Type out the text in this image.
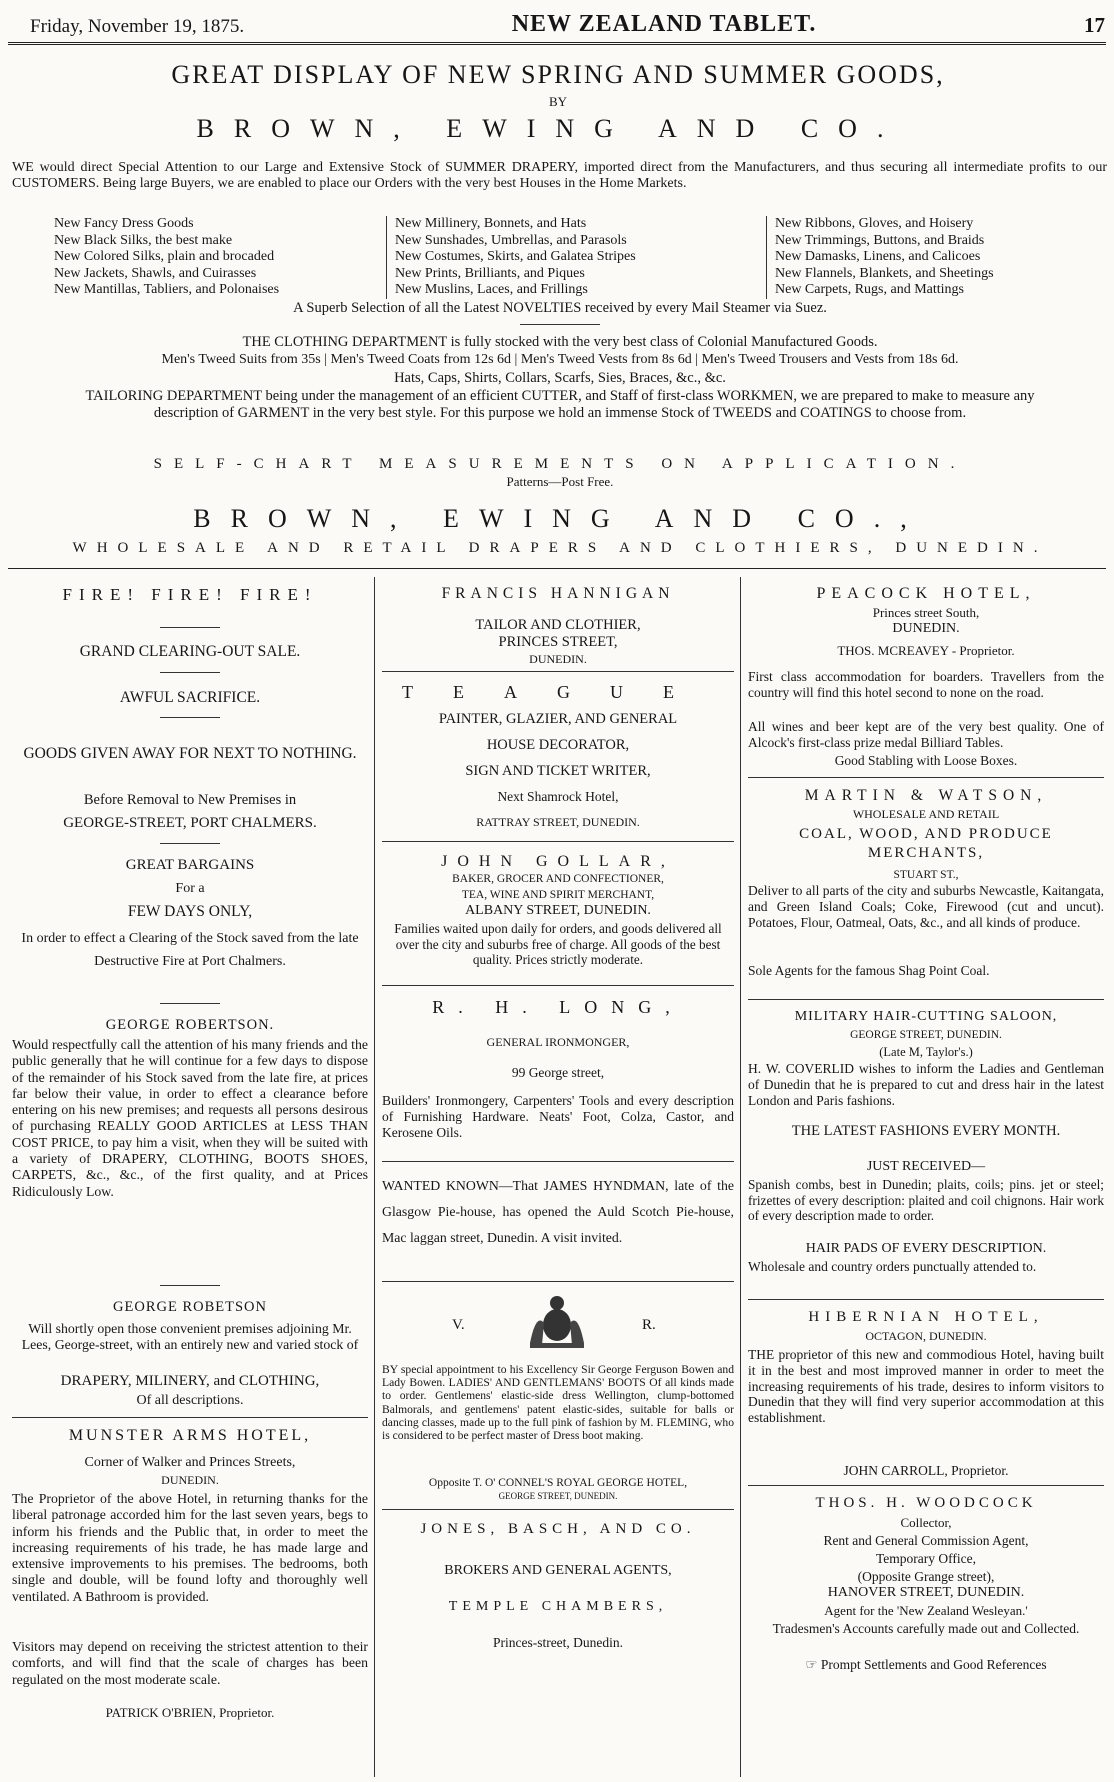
Friday, November 19, 1875.	NEW ZEALAND TABLET.	17
GREAT DISPLAY OF NEW SPRING AND SUMMER GOODS,
BY
BROWN, EWING AND CO.
WE would direct Special Attention to our Large and Extensive Stock of SUMMER DRAPERY, imported direct from the Manufacturers, and thus securing all intermediate profits to our CUSTOMERS. Being large Buyers, we are enabled to place our Orders with the very best Houses in the Home Markets.
New Fancy Dress Goods
New Black Silks, the best make
New Colored Silks, plain and brocaded
New Jackets, Shawls, and Cuirasses
New Mantillas, Tabliers, and Polonaises
New Millinery, Bonnets, and Hats
New Sunshades, Umbrellas, and Parasols
New Costumes, Skirts, and Galatea Stripes
New Prints, Brilliants, and Piques
New Muslins, Laces, and Frillings
New Ribbons, Gloves, and Hoisery
New Trimmings, Buttons, and Braids
New Damasks, Linens, and Calicoes
New Flannels, Blankets, and Sheetings
New Carpets, Rugs, and Mattings
A Superb Selection of all the Latest NOVELTIES received by every Mail Steamer via Suez.
THE CLOTHING DEPARTMENT is fully stocked with the very best class of Colonial Manufactured Goods.
Men's Tweed Suits from 35s | Men's Tweed Coats from 12s 6d | Men's Tweed Vests from 8s 6d | Men's Tweed Trousers and Vests from 18s 6d.
Hats, Caps, Shirts, Collars, Scarfs, Sies, Braces, &c., &c.
TAILORING DEPARTMENT being under the management of an efficient CUTTER, and Staff of first-class WORKMEN, we are prepared to make to measure any description of GARMENT in the very best style. For this purpose we hold an immense Stock of TWEEDS and COATINGS to choose from.
SELF-CHART MEASUREMENTS ON APPLICATION.
Patterns—Post Free.
BROWN, EWING AND CO.,
WHOLESALE AND RETAIL DRAPERS AND CLOTHIERS, DUNEDIN.
FIRE! FIRE! FIRE!
GRAND CLEARING-OUT SALE.
AWFUL SACRIFICE.
GOODS GIVEN AWAY FOR NEXT TO NOTHING.
Before Removal to New Premises in
GEORGE-STREET, PORT CHALMERS.
GREAT BARGAINS
For a
FEW DAYS ONLY,
In order to effect a Clearing of the Stock saved from the late Destructive Fire at Port Chalmers.
GEORGE ROBERTSON.
Would respectfully call the attention of his many friends and the public generally that he will continue for a few days to dispose of the remainder of his Stock saved from the late fire, at prices far below their value, in order to effect a clearance before entering on his new premises; and requests all persons desirous of purchasing REALLY GOOD ARTICLES at LESS THAN COST PRICE, to pay him a visit, when they will be suited with a variety of DRAPERY, CLOTHING, BOOTS SHOES, CARPETS, &c., &c., of the first quality, and at Prices Ridiculously Low.
GEORGE ROBETSON
Will shortly open those convenient premises adjoining Mr. Lees, George-street, with an entirely new and varied stock of
DRAPERY, MILINERY, and CLOTHING,
Of all descriptions.
MUNSTER ARMS HOTEL,
Corner of Walker and Princes Streets,
DUNEDIN.
The Proprietor of the above Hotel, in returning thanks for the liberal patronage accorded him for the last seven years, begs to inform his friends and the Public that, in order to meet the increasing requirements of his trade, he has made large and extensive improvements to his premises. The bedrooms, both single and double, will be found lofty and thoroughly well ventilated. A Bathroom is provided.
Visitors may depend on receiving the strictest attention to their comforts, and will find that the scale of charges has been regulated on the most moderate scale.
PATRICK O'BRIEN, Proprietor.
FRANCIS HANNIGAN
TAILOR AND CLOTHIER,
PRINCES STREET,
DUNEDIN.
TEAGUE
PAINTER, GLAZIER, AND GENERAL
HOUSE DECORATOR,
SIGN AND TICKET WRITER,
Next Shamrock Hotel,
RATTRAY STREET, DUNEDIN.
JOHN GOLLAR,
BAKER, GROCER AND CONFECTIONER,
TEA, WINE AND SPIRIT MERCHANT,
ALBANY STREET, DUNEDIN.
Families waited upon daily for orders, and goods delivered all over the city and suburbs free of charge. All goods of the best quality. Prices strictly moderate.
R. H. LONG,
GENERAL IRONMONGER,
99 George street,
Builders' Ironmongery, Carpenters' Tools and every description of Furnishing Hardware. Neats' Foot, Colza, Castor, and Kerosene Oils.
WANTED KNOWN—That JAMES HYNDMAN, late of the Glasgow Pie-house, has opened the Auld Scotch Pie-house, Mac laggan street, Dunedin. A visit invited.
V.	R.
BY special appointment to his Excellency Sir George Ferguson Bowen and Lady Bowen. LADIES' AND GENTLEMANS' BOOTS Of all kinds made to order. Gentlemens' elastic-side dress Wellington, clump-bottomed Balmorals, and gentlemens' patent elastic-sides, suitable for balls or dancing classes, made up to the full pink of fashion by M. FLEMING, who is considered to be perfect master of Dress boot making.
Opposite T. O' CONNEL'S ROYAL GEORGE HOTEL,
GEORGE STREET, DUNEDIN.
JONES, BASCH, AND CO.
BROKERS AND GENERAL AGENTS,
TEMPLE CHAMBERS,
Princes-street, Dunedin.
PEACOCK HOTEL,
Princes street South,
DUNEDIN.
THOS. MCREAVEY - Proprietor.
First class accommodation for boarders. Travellers from the country will find this hotel second to none on the road.
All wines and beer kept are of the very best quality. One of Alcock's first-class prize medal Billiard Tables.
Good Stabling with Loose Boxes.
MARTIN & WATSON,
WHOLESALE AND RETAIL
COAL, WOOD, AND PRODUCE MERCHANTS,
STUART ST.,
Deliver to all parts of the city and suburbs Newcastle, Kaitangata, and Green Island Coals; Coke, Firewood (cut and uncut). Potatoes, Flour, Oatmeal, Oats, &c., and all kinds of produce.
Sole Agents for the famous Shag Point Coal.
MILITARY HAIR-CUTTING SALOON,
GEORGE STREET, DUNEDIN.
(Late M, Taylor's.)
H. W. COVERLID wishes to inform the Ladies and Gentleman of Dunedin that he is prepared to cut and dress hair in the latest London and Paris fashions.
THE LATEST FASHIONS EVERY MONTH.
JUST RECEIVED—
Spanish combs, best in Dunedin; plaits, coils; pins. jet or steel; frizettes of every description: plaited and coil chignons. Hair work of every description made to order.
HAIR PADS OF EVERY DESCRIPTION.
Wholesale and country orders punctually attended to.
HIBERNIAN HOTEL,
OCTAGON, DUNEDIN.
THE proprietor of this new and commodious Hotel, having built it in the best and most improved manner in order to meet the increasing requirements of his trade, desires to inform visitors to Dunedin that they will find very superior accommodation at this establishment.
JOHN CARROLL, Proprietor.
THOS. H. WOODCOCK
Collector,
Rent and General Commission Agent,
Temporary Office,
(Opposite Grange street),
HANOVER STREET, DUNEDIN.
Agent for the 'New Zealand Wesleyan.'
Tradesmen's Accounts carefully made out and Collected.
☞ Prompt Settlements and Good References
